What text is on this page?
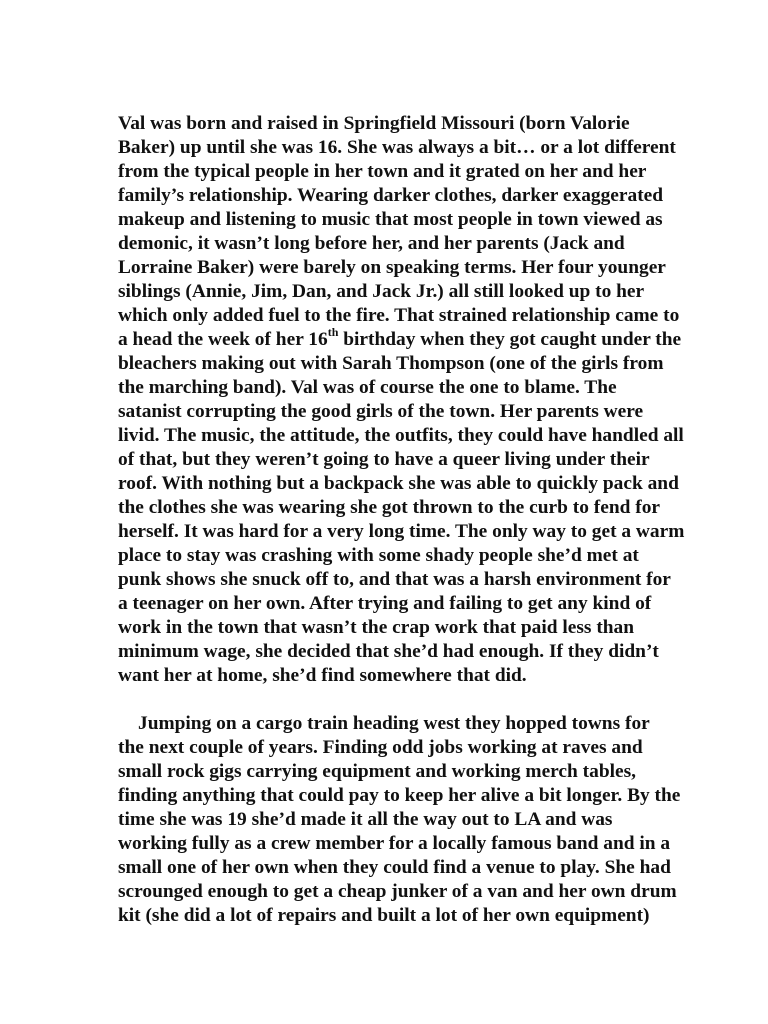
Val was born and raised in Springfield Missouri (born Valorie
Baker) up until she was 16. She was always a bit… or a lot different
from the typical people in her town and it grated on her and her
family’s relationship. Wearing darker clothes, darker exaggerated
makeup and listening to music that most people in town viewed as
demonic, it wasn’t long before her, and her parents (Jack and
Lorraine Baker) were barely on speaking terms. Her four younger
siblings (Annie, Jim, Dan, and Jack Jr.) all still looked up to her
which only added fuel to the fire. That strained relationship came to
a head the week of her 16th birthday when they got caught under the
bleachers making out with Sarah Thompson (one of the girls from
the marching band). Val was of course the one to blame. The
satanist corrupting the good girls of the town. Her parents were
livid. The music, the attitude, the outfits, they could have handled all
of that, but they weren’t going to have a queer living under their
roof. With nothing but a backpack she was able to quickly pack and
the clothes she was wearing she got thrown to the curb to fend for
herself. It was hard for a very long time. The only way to get a warm
place to stay was crashing with some shady people she’d met at
punk shows she snuck off to, and that was a harsh environment for
a teenager on her own. After trying and failing to get any kind of
work in the town that wasn’t the crap work that paid less than
minimum wage, she decided that she’d had enough. If they didn’t
want her at home, she’d find somewhere that did.
Jumping on a cargo train heading west they hopped towns for
the next couple of years. Finding odd jobs working at raves and
small rock gigs carrying equipment and working merch tables,
finding anything that could pay to keep her alive a bit longer. By the
time she was 19 she’d made it all the way out to LA and was
working fully as a crew member for a locally famous band and in a
small one of her own when they could find a venue to play. She had
scrounged enough to get a cheap junker of a van and her own drum
kit (she did a lot of repairs and built a lot of her own equipment)
